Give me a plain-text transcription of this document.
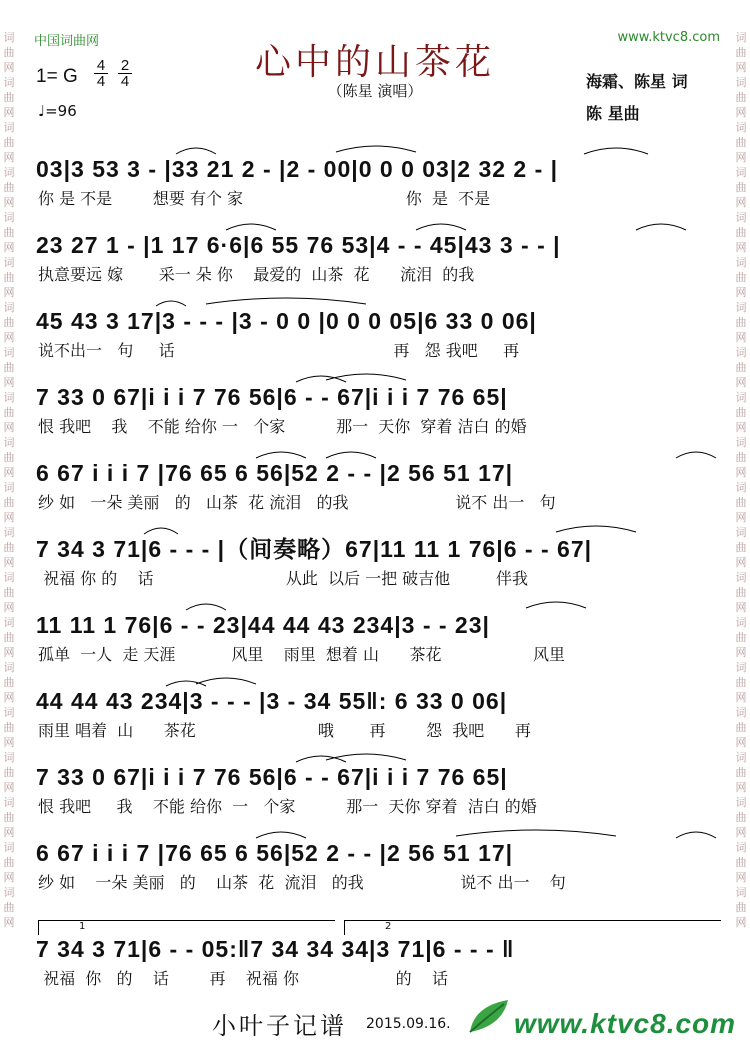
词曲网词曲网词曲网词曲网词曲网词曲网词曲网词曲网词曲网词曲网词曲网词曲网词曲网词曲网词曲网词曲网词曲网词曲网词曲网词曲网
词曲网词曲网词曲网词曲网词曲网词曲网词曲网词曲网词曲网词曲网词曲网词曲网词曲网词曲网词曲网词曲网词曲网词曲网词曲网词曲网
中国词曲网	www.ktvc8.com
心中的山茶花
（陈星 演唱）
1= G
4
4
2
4
♩=96
海霜、陈星 词
陈 星曲
03|3 53 3 - |33 21 2 - |2 - 00|0 0 0 03|2 32 2 - |
你 是 不是        想要 有个 家                                你  是  不是
23 27 1 - |1 17 6·6|6 55 76 53|4 - - 45|43 3 - - |
执意要远 嫁       采一 朵 你    最爱的  山茶  花      流泪  的我
45 43 3 17|3 - - - |3 - 0 0 |0 0 0 05|6 33 0 06|
说不出一   句     话                                           再   怨 我吧     再
7 33 0 67|i i i 7 76 56|6 - - 67|i i i 7 76 65|
恨 我吧    我    不能 给你 一   个家          那一  天你  穿着 洁白 的婚
6 67 i i i 7 |76 65 6 56|52 2 - - |2 56 51 17|
纱 如   一朵 美丽   的   山茶  花 流泪   的我                     说不 出一   句
7 34 3 71|6 - - - |（间奏略）67|11 11 1 76|6 - - 67|
祝福 你 的    话                          从此  以后 一把 破吉他         伴我
11 11 1 76|6 - - 23|44 44 43 234|3 - - 23|
孤单  一人  走 天涯           风里    雨里  想着 山      茶花                  风里
44 44 43 234|3 - - - |3 - 34 55‖: 6 33 0 06|
雨里 唱着  山      茶花                        哦       再        怨  我吧      再
7 33 0 67|i i i 7 76 56|6 - - 67|i i i 7 76 65|
恨 我吧     我    不能 给你  一   个家          那一  天你 穿着  洁白 的婚
6 67 i i i 7 |76 65 6 56|52 2 - - |2 56 51 17|
纱 如    一朵 美丽   的    山茶  花  流泪   的我                   说不 出一    句
1	2
7 34 3 71|6 - - 05:‖7 34 34 34|3 71|6 - - - ‖
祝福  你   的    话        再    祝福 你                   的    话
小叶子记谱 2015.09.16. www.ktvc8.com
